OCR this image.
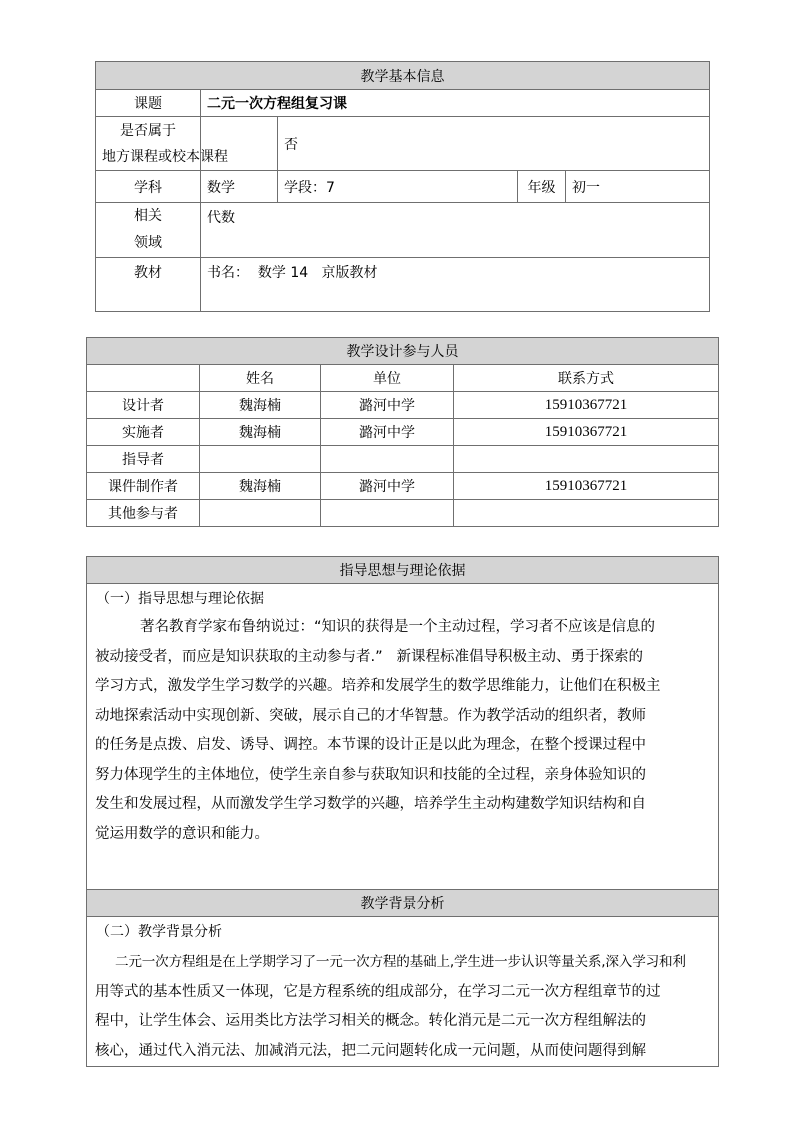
教学基本信息				
课题	二元一次方程组复习课			

是否属于
地方课程或校本课程		否		
学科	数学	学段：7	年级	初一

相关
领域	代数			
教材	书名：  数学 14   京版教材			
教学设计参与人员			
	姓名	单位	联系方式
设计者	魏海楠	潞河中学	15910367721
实施者	魏海楠	潞河中学	15910367721
指导者			
课件制作者	魏海楠	潞河中学	15910367721
其他参与者			
指导思想与理论依据

（一）指导思想与理论依据
著名教育学家布鲁纳说过：“知识的获得是一个主动过程，学习者不应该是信息的
被动接受者，而应是知识获取的主动参与者.”   新课程标准倡导积极主动、勇于探索的
学习方式，激发学生学习数学的兴趣。培养和发展学生的数学思维能力，让他们在积极主
动地探索活动中实现创新、突破，展示自己的才华智慧。作为教学活动的组织者，教师
的任务是点拨、启发、诱导、调控。本节课的设计正是以此为理念，在整个授课过程中
努力体现学生的主体地位，使学生亲自参与获取知识和技能的全过程，亲身体验知识的
发生和发展过程，从而激发学生学习数学的兴趣，培养学生主动构建数学知识结构和自
觉运用数学的意识和能力。

教学背景分析

（二）教学背景分析
二元一次方程组是在上学期学习了一元一次方程的基础上,学生进一步认识等量关系,深入学习和利
用等式的基本性质又一体现，它是方程系统的组成部分，在学习二元一次方程组章节的过
程中，让学生体会、运用类比方法学习相关的概念。转化消元是二元一次方程组解法的
核心，通过代入消元法、加减消元法，把二元问题转化成一元问题，从而使问题得到解
